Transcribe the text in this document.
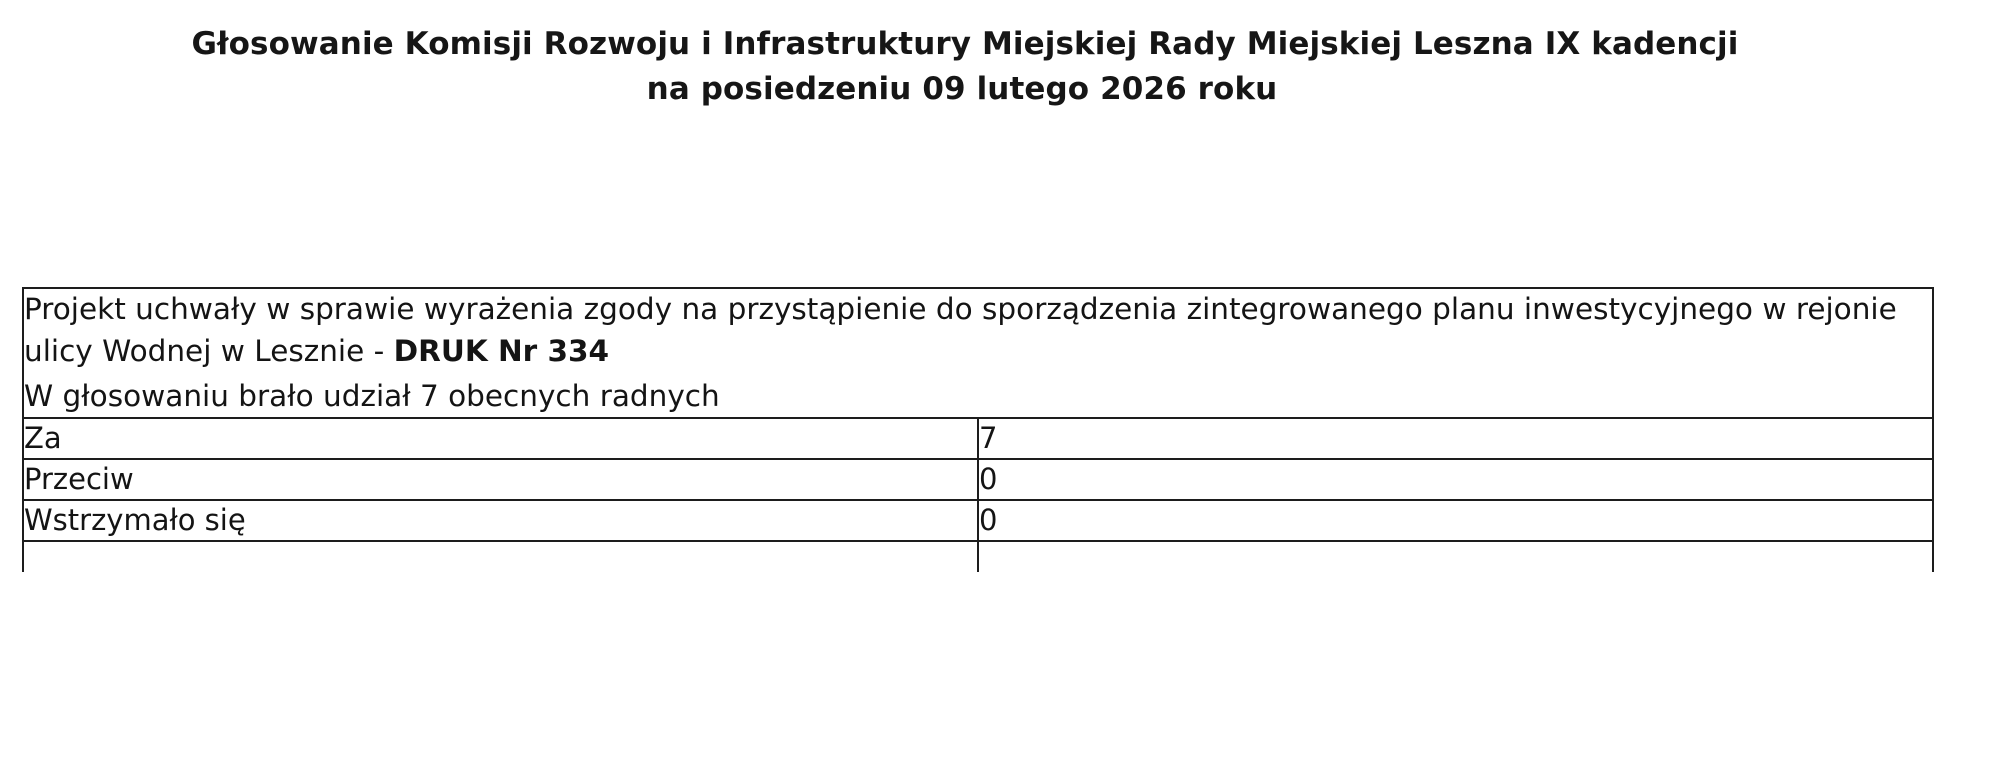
Głosowanie Komisji Rozwoju i Infrastruktury Miejskiej Rady Miejskiej Leszna IX kadencji
na posiedzeniu 09 lutego 2026 roku
Projekt uchwały w sprawie wyrażenia zgody na przystąpienie do sporządzenia zintegrowanego planu inwestycyjnego w rejonie ulicy Wodnej w Lesznie - DRUK Nr 334
W głosowaniu brało udział 7 obecnych radnych	

Za	7
Przeciw	0
Wstrzymało się	0
